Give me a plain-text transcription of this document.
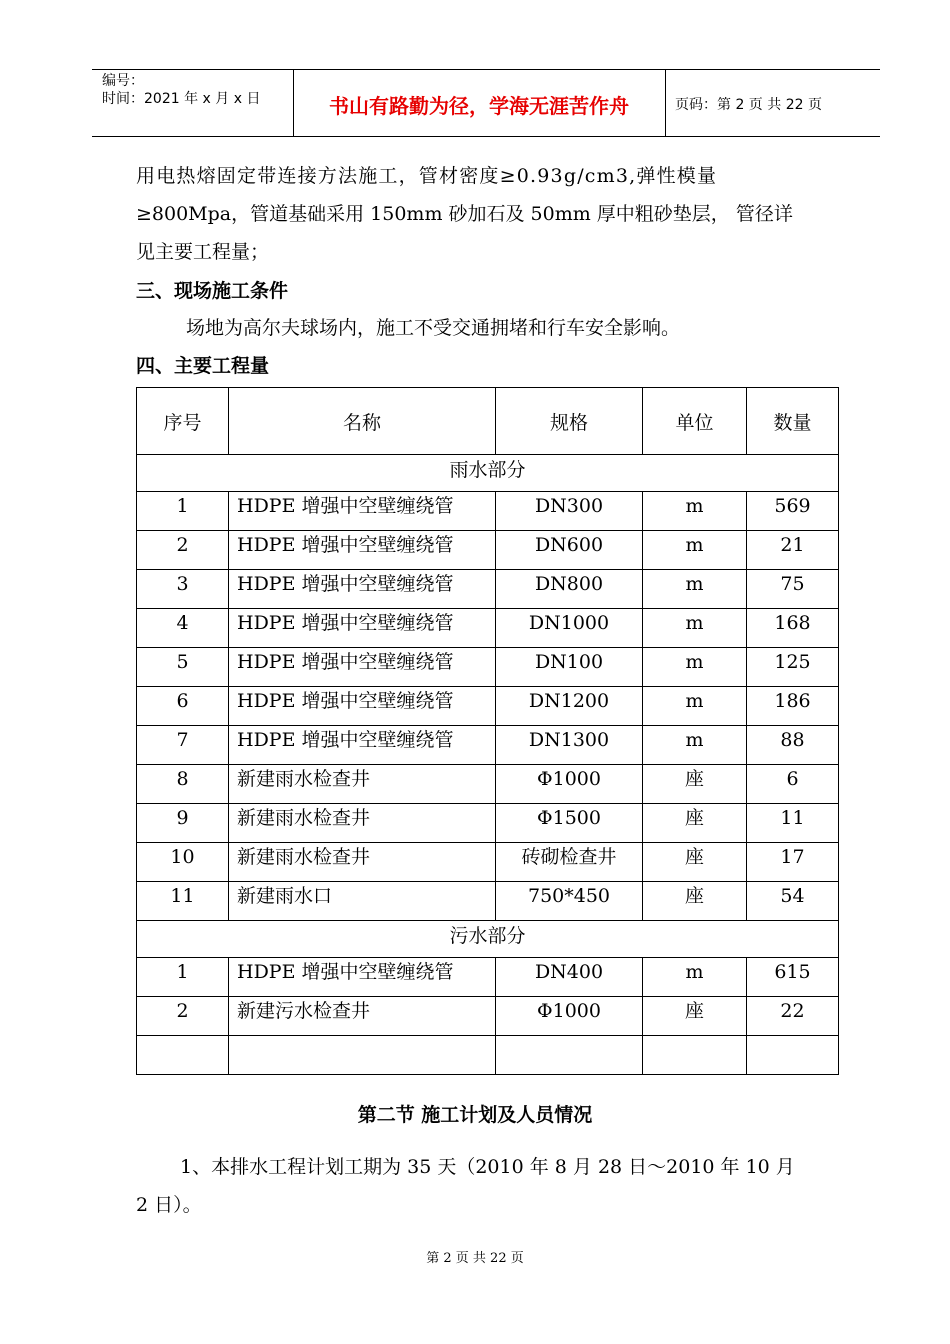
编号：
时间：2021 年 x 月 x 日	书山有路勤为径，学海无涯苦作舟	页码：第 2 页 共 22 页
用电热熔固定带连接方法施工，管材密度≥0.93g/cm3,弹性模量
≥800Mpa，管道基础采用 150mm 砂加石及 50mm 厚中粗砂垫层， 管径详
见主要工程量；
三、现场施工条件
场地为高尔夫球场内，施工不受交通拥堵和行车安全影响。
四、主要工程量
序号	名称	规格	单位	数量
雨水部分				
1	HDPE 增强中空壁缠绕管	DN300	m	569
2	HDPE 增强中空壁缠绕管	DN600	m	21
3	HDPE 增强中空壁缠绕管	DN800	m	75
4	HDPE 增强中空壁缠绕管	DN1000	m	168
5	HDPE 增强中空壁缠绕管	DN100	m	125
6	HDPE 增强中空壁缠绕管	DN1200	m	186
7	HDPE 增强中空壁缠绕管	DN1300	m	88
8	新建雨水检查井	Φ1000	座	6
9	新建雨水检查井	Φ1500	座	11
10	新建雨水检查井	砖砌检查井	座	17
11	新建雨水口	750*450	座	54
污水部分				
1	HDPE 增强中空壁缠绕管	DN400	m	615
2	新建污水检查井	Φ1000	座	22

第二节 施工计划及人员情况
1、本排水工程计划工期为 35 天（2010 年 8 月 28 日～2010 年 10 月
2 日）。
第 2 页 共 22 页
